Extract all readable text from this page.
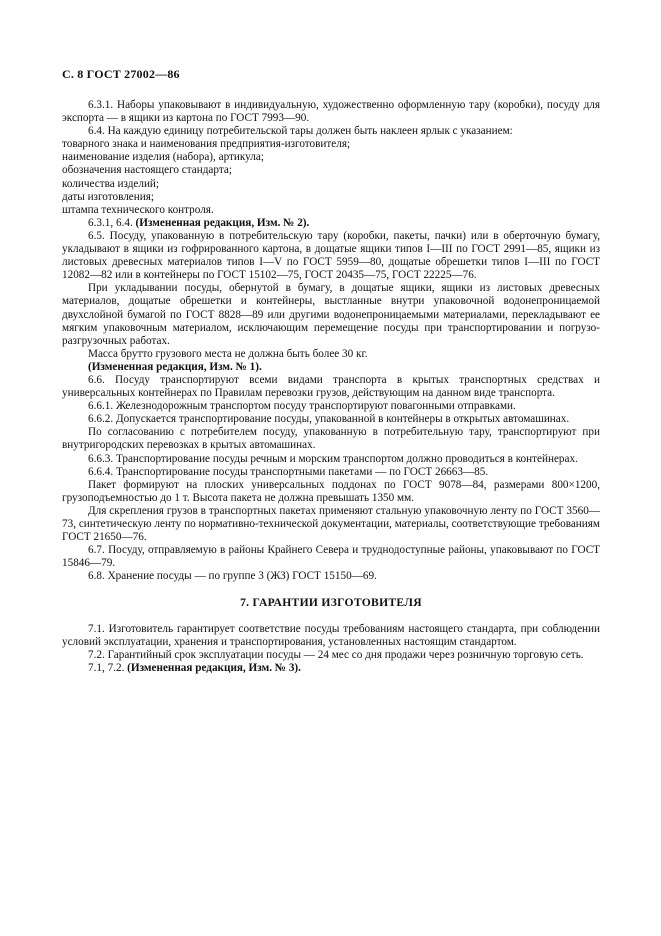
С. 8 ГОСТ 27002—86

6.3.1. Наборы упаковывают в индивидуальную, художественно оформленную тару (коробки), посуду для экспорта — в ящики из картона по ГОСТ 7993—90.

6.4. На каждую единицу потребительской тары должен быть наклеен ярлык с указанием:

товарного знака и наименования предприятия-изготовителя;

наименование изделия (набора), артикула;

обозначения настоящего стандарта;

количества изделий;

даты изготовления;

штампа технического контроля.

6.3.1, 6.4. (Измененная редакция, Изм. № 2).

6.5. Посуду, упакованную в потребительскую тару (коробки, пакеты, пачки) или в оберточную бумагу, укладывают в ящики из гофрированного картона, в дощатые ящики типов I—III по ГОСТ 2991—85, ящики из листовых древесных материалов типов I—V по ГОСТ 5959—80, дощатые обрешетки типов I—III по ГОСТ 12082—82 или в контейнеры по ГОСТ 15102—75, ГОСТ 20435—75, ГОСТ 22225—76.

При укладывании посуды, обернутой в бумагу, в дощатые ящики, ящики из листовых древесных материалов, дощатые обрешетки и контейнеры, выстланные внутри упаковочной водонепроницаемой двухслойной бумагой по ГОСТ 8828—89 или другими водонепроницаемыми материалами, перекладывают ее мягким упаковочным материалом, исключающим перемещение посуды при транспортировании и погрузо-разгрузочных работах.

Масса брутто грузового места не должна быть более 30 кг.

(Измененная редакция, Изм. № 1).

6.6. Посуду транспортируют всеми видами транспорта в крытых транспортных средствах и универсальных контейнерах по Правилам перевозки грузов, действующим на данном виде транспорта.

6.6.1. Железнодорожным транспортом посуду транспортируют повагонными отправками.

6.6.2. Допускается транспортирование посуды, упакованной в контейнеры в открытых автомашинах.

По согласованию с потребителем посуду, упакованную в потребительную тару, транспортируют при внутригородских перевозках в крытых автомашинах.

6.6.3. Транспортирование посуды речным и морским транспортом должно проводиться в контейнерах.

6.6.4. Транспортирование посуды транспортными пакетами — по ГОСТ 26663—85.

Пакет формируют на плоских универсальных поддонах по ГОСТ 9078—84, размерами 800×1200, грузоподъемностью до 1 т. Высота пакета не должна превышать 1350 мм.

Для скрепления грузов в транспортных пакетах применяют стальную упаковочную ленту по ГОСТ 3560—73, синтетическую ленту по нормативно-технической документации, материалы, соответствующие требованиям ГОСТ 21650—76.

6.7. Посуду, отправляемую в районы Крайнего Севера и труднодоступные районы, упаковывают по ГОСТ 15846—79.

6.8. Хранение посуды — по группе 3 (ЖЗ) ГОСТ 15150—69.

7. ГАРАНТИИ ИЗГОТОВИТЕЛЯ

7.1. Изготовитель гарантирует соответствие посуды требованиям настоящего стандарта, при соблюдении условий эксплуатации, хранения и транспортирования, установленных настоящим стандартом.

7.2. Гарантийный срок эксплуатации посуды — 24 мес со дня продажи через розничную торговую сеть.

7.1, 7.2. (Измененная редакция, Изм. № 3).
